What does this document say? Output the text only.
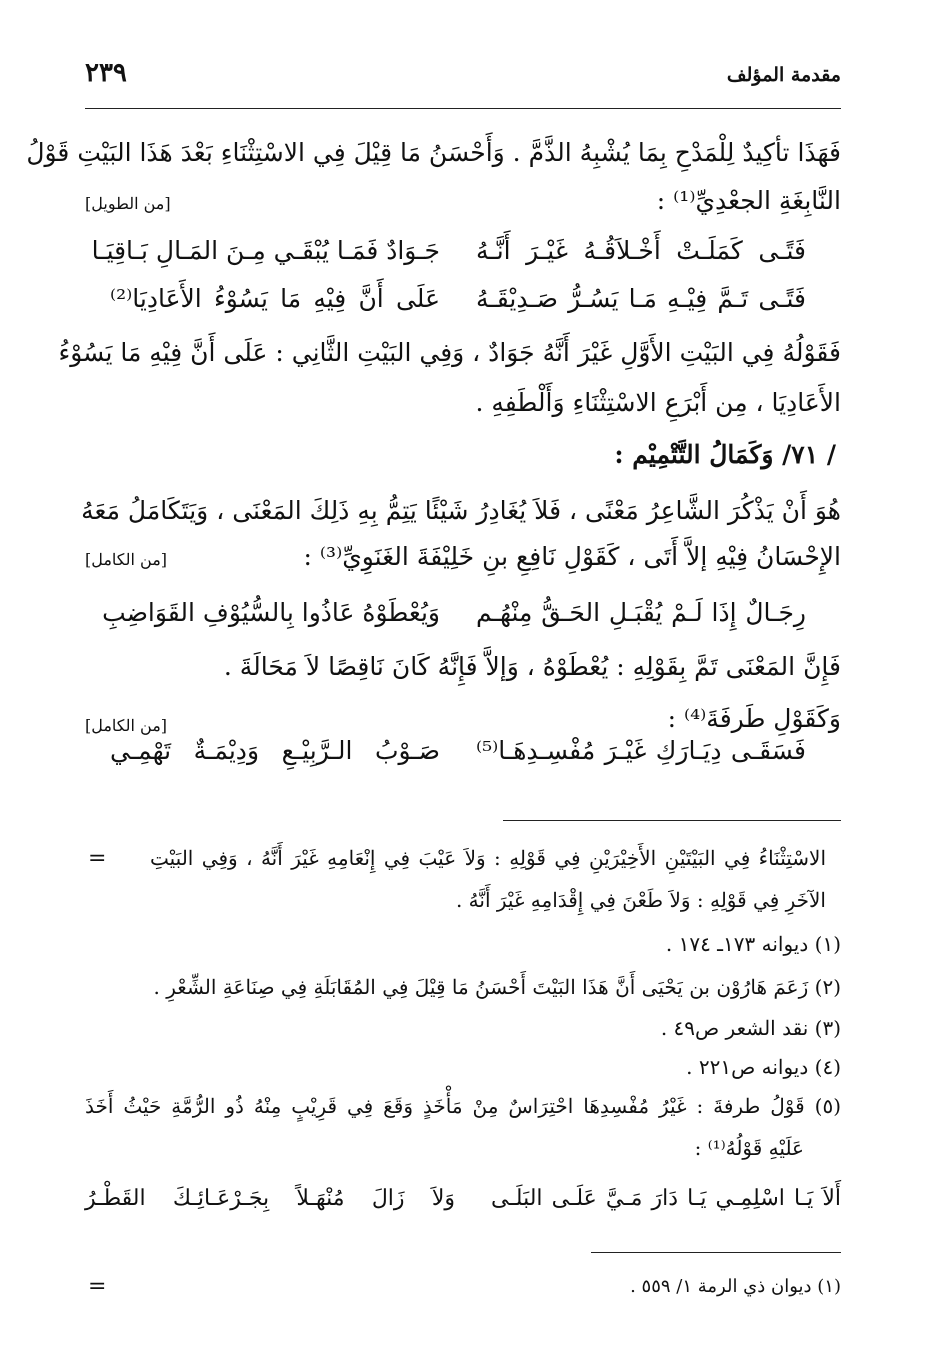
مقدمة المؤلف
٢٣٩
فَهَذَا تأكِيدٌ لِلْمَدْحِ بِمَا يُشْبِهُ الذَّمَّ . وَأَحْسَنُ مَا قِيْلَ فِي الاسْتِثْنَاءِ بَعْدَ هَذَا البَيْتِ قَوْلُ
النَّابِغَةِ الجعْدِيِّ⁽¹⁾ :
[من الطويل]
فَتًـى كَمَلَـتْ أَخْـلاَقُـهُ غَيْـرَ أَنَّـهُ
جَـوَادٌ فَمَـا يُبْقَـي مِـنَ المَـالِ بَـاقِيَـا
فَتًـى تَـمَّ فِيْـهِ مَـا يَسُـرُّ صَـدِيْقَـهُ
عَلَى أَنَّ فِيْهِ مَا يَسُوْءُ الأَعَادِيَا⁽²⁾
فَقَوْلُهُ فِي البَيْتِ الأَوَّلِ غَيْرَ أَنَّهُ جَوَادٌ ، وَفِي البَيْتِ الثَّانِي : عَلَى أَنَّ فِيْهِ مَا يَسُوْءُ
الأَعَادِيَا ، مِن أَبْرَعِ الاسْتِثْنَاءِ وَأَلْطَفِهِ .
/ ٧١/ وَكَمَالُ التَّتْمِيْم :
هُوَ أَنْ يَذْكُرَ الشَّاعِرُ مَعْنًى ، فَلاَ يُغَادِرُ شَيْئًا يَتِمُّ بِهِ ذَلِكَ المَعْنَى ، وَيَتَكَامَلُ مَعَهُ
الإِحْسَانُ فِيْهِ إلاَّ أَتَى ، كَقَوْلِ نَافِعِ بنِ خَلِيْفَةَ الغَنَوِيِّ⁽³⁾ :
[من الكامل]
رِجَـالٌ إِذَا لَـمْ يُقْبَـلِ الحَـقُّ مِنْهُـم
وَيُعْطَوْهُ عَاذُوا بِالسُّيُوْفِ القَوَاضِبِ
فَإِنَّ المَعْنَى تَمَّ بِقَوْلِهِ : يُعْطَوْهُ ، وَإلاَّ فَإِنَّهُ كَانَ نَاقِصًا لاَ مَحَالَةَ .
وَكَقَوْلِ طَرفَةَ⁽⁴⁾ :
[من الكامل]
فَسَقَـى دِيَـارَكِ غَيْـرَ مُفْسِـدِهَـا⁽⁵⁾
صَـوْبُ الـرَّبِيْـعِ وَدِيْمَـةٌ تَهْمِـي
= الاسْتِثْنَاءُ فِي البَيْتَيْنِ الأَخِيْرَيْنِ فِي قَوْلِهِ : وَلاَ عَيْبَ فِي إِنْعَامِهِ غَيْرَ أَنَّهُ ، وَفِي البَيْتِ
الآخَرِ فِي قَوْلِهِ : وَلاَ طَعْنَ فِي إِقْدَامِهِ غَيْرَ أَنَّهُ .
(١) ديوانه ١٧٣ـ ١٧٤ .
(٢) زَعَمَ هَارُوْن بن يَحْيَى أَنَّ هَذَا البَيْتَ أَحْسَنُ مَا قِيْلَ فِي المُقَابَلَةِ فِي صِنَاعَةِ الشِّعْرِ .
(٣) نقد الشعر ص٤٩ .
(٤) ديوانه ص٢٢١ .
(٥) قَوْلُ طرفةَ : غَيْرُ مُفْسِدِهَا احْتِرَاسٌ مِنْ مَأْخَذٍ وَقَعَ فِي قَرِيْبٍ مِنْهُ ذُو الرُّمَّةِ حَيْثُ أَخَذَ
عَلَيْهِ قَوْلُهُ⁽¹⁾ :
أَلاَ يَـا اسْلِمِـي يَـا دَارَ مَـيَّ عَلَـى البَلَـى
وَلاَ زَالَ مُنْهَـلاً بِجَـرْعَـائِـكَ القَطْـرُ
(١) ديوان ذي الرمة ١/ ٥٥٩ .
=
